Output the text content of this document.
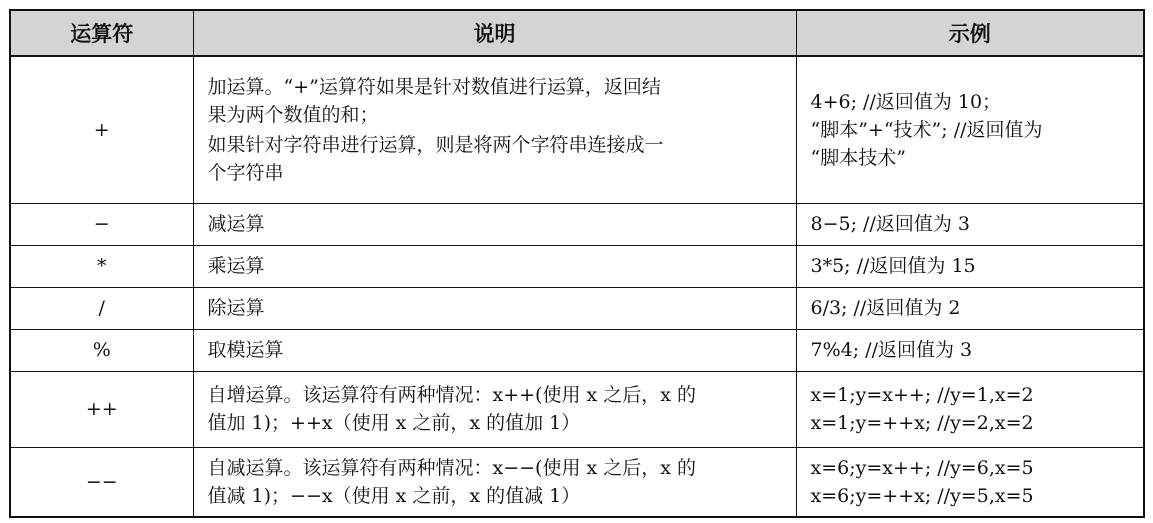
运算符	说明	示例
+	加运算。“+”运算符如果是针对数值进行运算，返回结
果为两个数值的和；
如果针对字符串进行运算，则是将两个字符串连接成一
个字符串	4+6; //返回值为 10；
“脚本”+“技术”; //返回值为
“脚本技术”

−	减运算	8−5; //返回值为 3

*	乘运算	3*5; //返回值为 15

/	除运算	6/3; //返回值为 2

%	取模运算	7%4; //返回值为 3

++	自增运算。该运算符有两种情况：x++(使用 x 之后，x 的
值加 1)；++x（使用 x 之前，x 的值加 1）	x=1;y=x++; //y=1,x=2
x=1;y=++x; //y=2,x=2

−−	自减运算。该运算符有两种情况：x−−(使用 x 之后，x 的
值减 1)；−−x（使用 x 之前，x 的值减 1）	x=6;y=x++; //y=6,x=5
x=6;y=++x; //y=5,x=5
